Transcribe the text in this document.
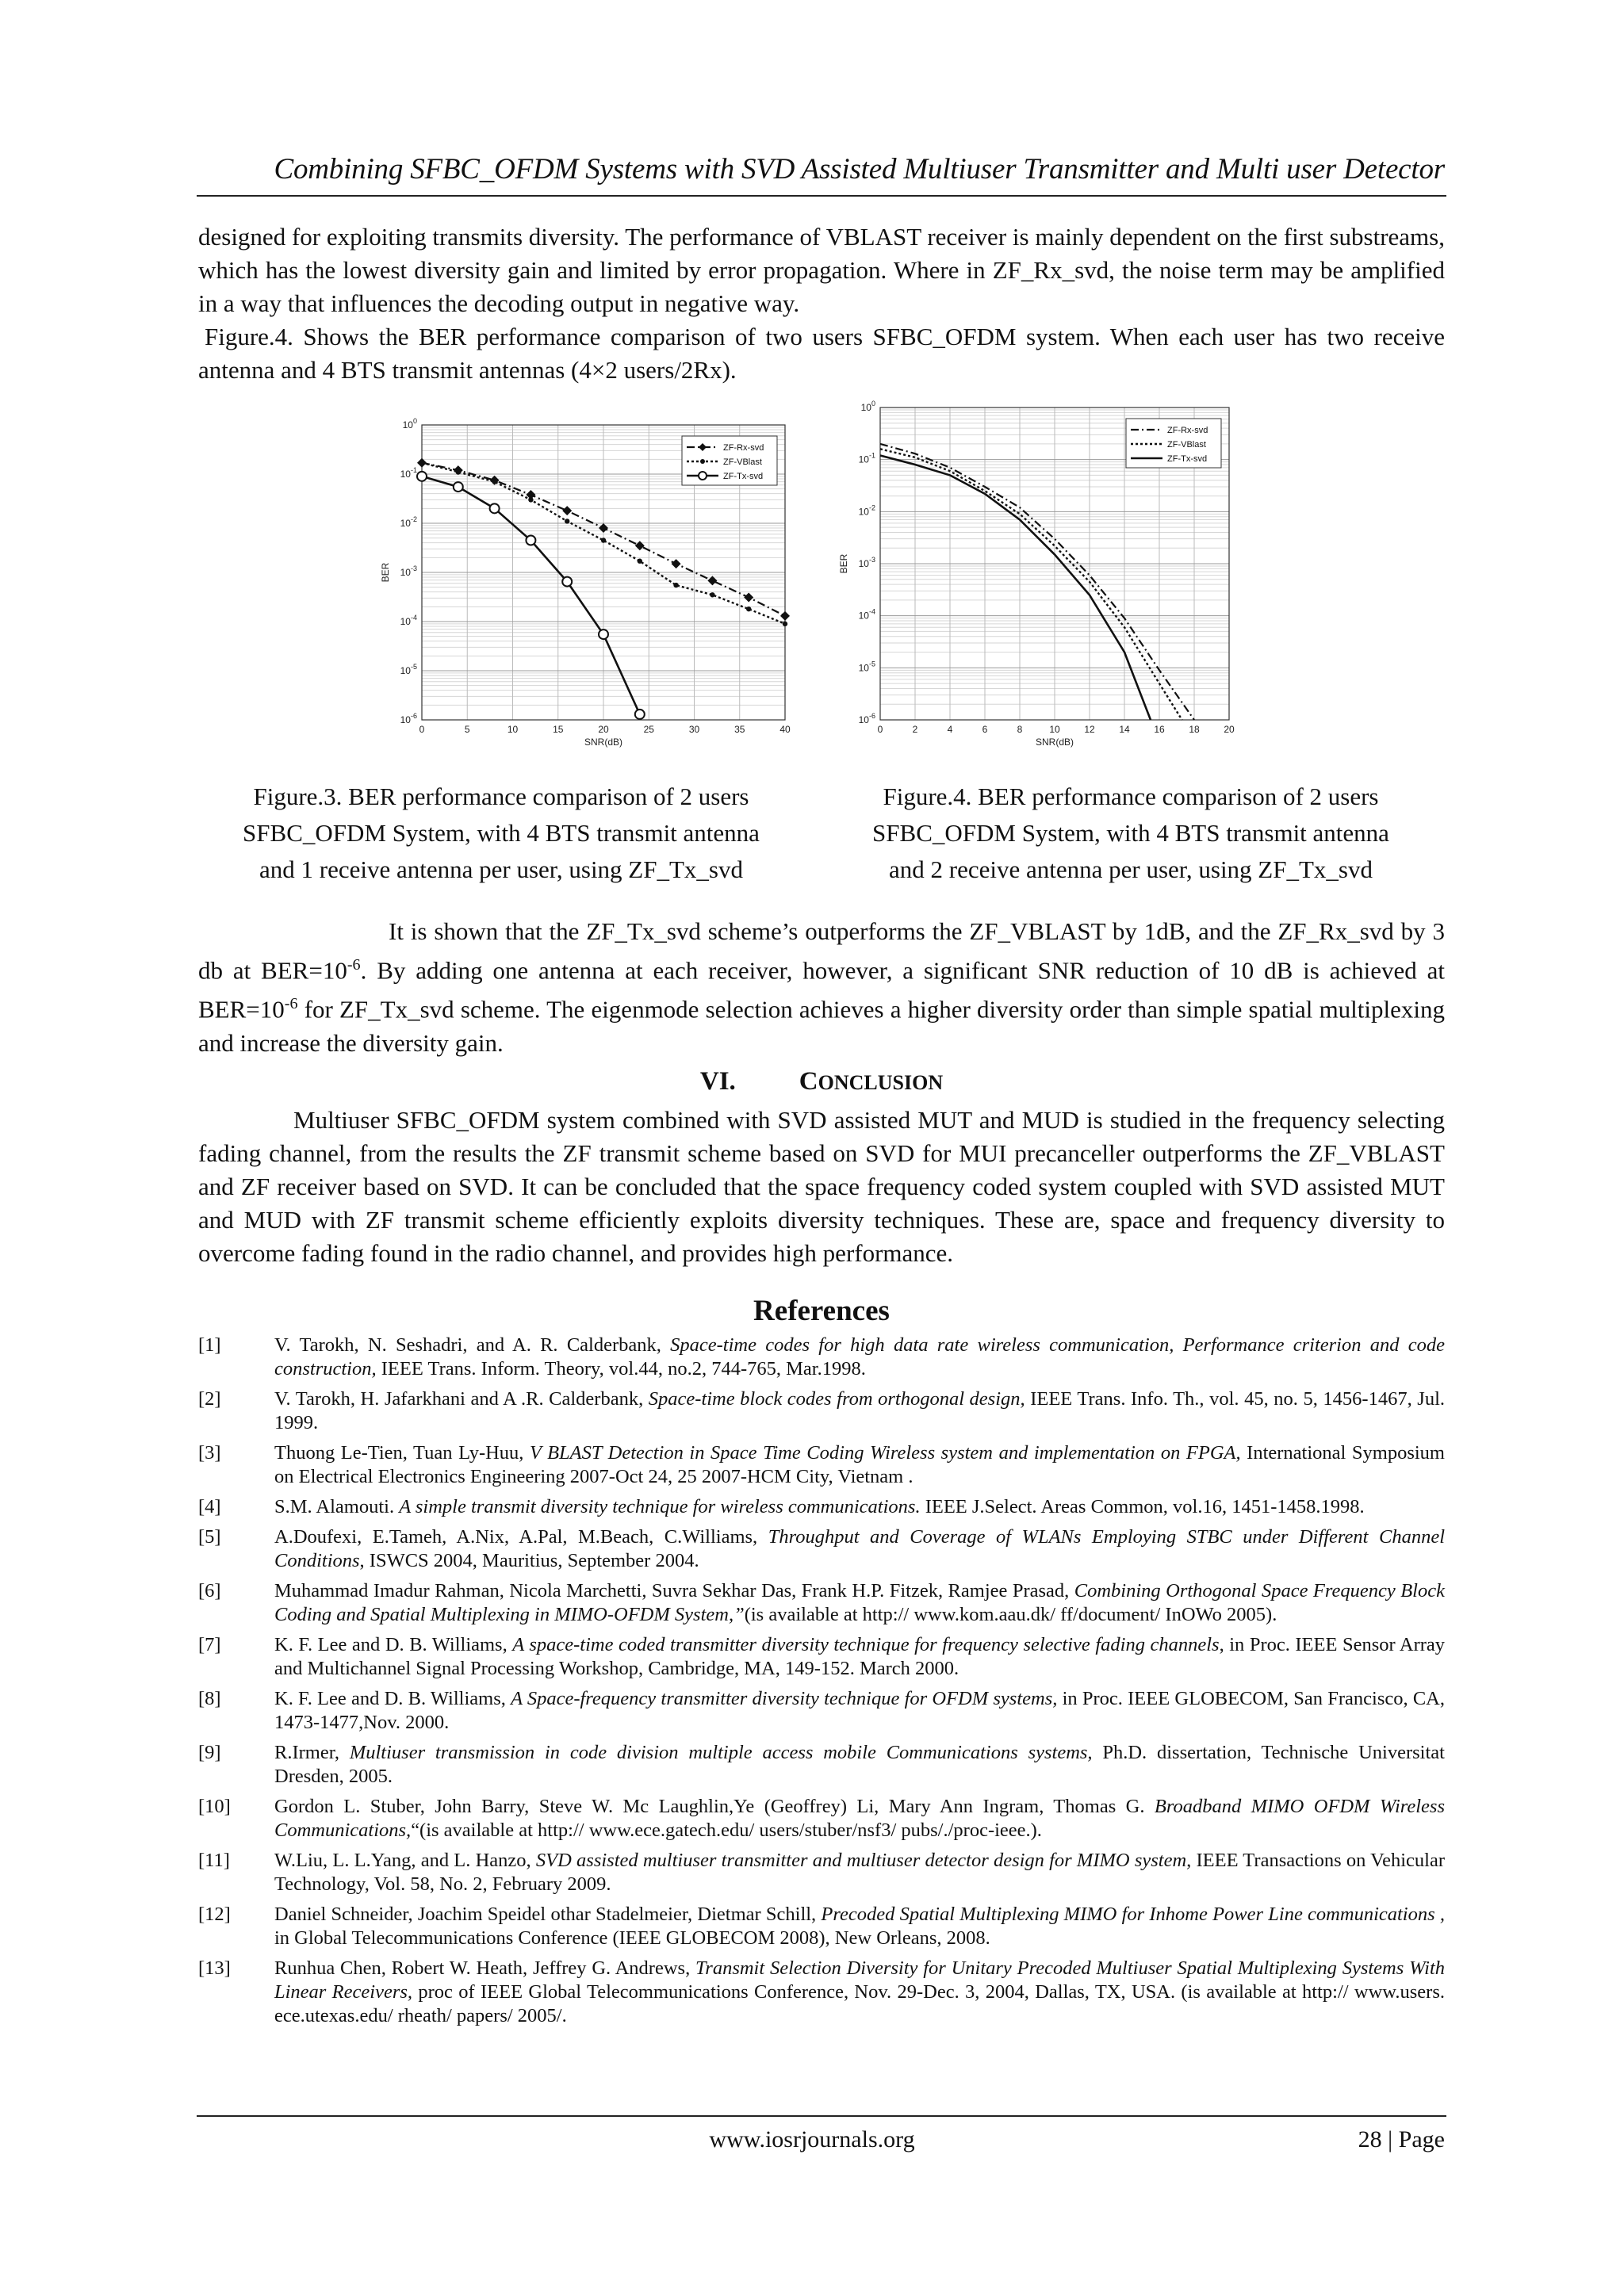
Combining SFBC_OFDM Systems with SVD Assisted Multiuser Transmitter and Multi user Detector

designed for exploiting transmits diversity. The performance of VBLAST receiver is mainly dependent on the first substreams, which has the lowest diversity gain and limited by error propagation. Where in ZF_Rx_svd, the noise term may be amplified in a way that influences the decoding output in negative way.

Figure.4. Shows the BER performance comparison of two users SFBC_OFDM system. When each user has two receive antenna and 4 BTS transmit antennas (4×2 users/2Rx).

0	5	10	15	20	25	30	35	40
$10^0$
$10^{-1}$
$10^{-2}$
$10^{-3}$
$10^{-4}$
$10^{-5}$
$10^{-6}$
SNR(dB)
BER
ZF-Rx-svd
ZF-VBlast
ZF-Tx-svd
0	2	4	6	8	10	12	14	16	18	20
$10^0$
$10^{-1}$
$10^{-2}$
$10^{-3}$
$10^{-4}$
$10^{-5}$
$10^{-6}$
SNR(dB)
BER
ZF-Rx-svd
ZF-VBlast
ZF-Tx-svd

Figure.3. BER performance comparison of 2 users

SFBC_OFDM System, with 4 BTS transmit antenna

and 1 receive antenna per user, using ZF_Tx_svd

Figure.4. BER performance comparison of 2 users

SFBC_OFDM System, with 4 BTS transmit antenna

and 2 receive antenna per user, using ZF_Tx_svd

It is shown that the ZF_Tx_svd scheme’s outperforms the ZF_VBLAST by 1dB, and the ZF_Rx_svd by 3 db at $BER=10^{-6}$. By adding one antenna at each receiver, however, a significant SNR reduction of 10 dB is achieved at $BER=10^{-6}$ for ZF_Tx_svd scheme. The eigenmode selection achieves a higher diversity order than simple spatial multiplexing and increase the diversity gain.

VI. CONCLUSION

Multiuser SFBC_OFDM system combined with SVD assisted MUT and MUD is studied in the frequency selecting fading channel, from the results the ZF transmit scheme based on SVD for MUI precanceller outperforms the ZF_VBLAST and ZF receiver based on SVD. It can be concluded that the space frequency coded system coupled with SVD assisted MUT and MUD with ZF transmit scheme efficiently exploits diversity techniques. These are, space and frequency diversity to overcome fading found in the radio channel, and provides high performance.

References
[1]	V. Tarokh, N. Seshadri, and A. R. Calderbank, Space-time codes for high data rate wireless communication, Performance criterion and code construction, IEEE Trans. Inform. Theory, vol.44, no.2, 744-765, Mar.1998.
[2]	V. Tarokh, H. Jafarkhani and A .R. Calderbank, Space-time block codes from orthogonal design, IEEE Trans. Info. Th., vol. 45, no. 5, 1456-1467, Jul. 1999.
[3]	Thuong Le-Tien, Tuan Ly-Huu, V BLAST Detection in Space Time Coding Wireless system and implementation on FPGA, International Symposium on Electrical Electronics Engineering 2007-Oct 24, 25 2007-HCM City, Vietnam .
[4]	S.M. Alamouti. A simple transmit diversity technique for wireless communications. IEEE J.Select. Areas Common, vol.16, 1451-1458.1998.
[5]	A.Doufexi, E.Tameh, A.Nix, A.Pal, M.Beach, C.Williams, Throughput and Coverage of WLANs Employing STBC under Different Channel Conditions, ISWCS 2004, Mauritius, September 2004.
[6]	Muhammad Imadur Rahman, Nicola Marchetti, Suvra Sekhar Das, Frank H.P. Fitzek, Ramjee Prasad, Combining Orthogonal Space Frequency Block Coding and Spatial Multiplexing in MIMO-OFDM System,”(is available at http:// www.kom.aau.dk/ ff/document/ InOWo 2005).
[7]	K. F. Lee and D. B. Williams, A space-time coded transmitter diversity technique for frequency selective fading channels, in Proc. IEEE Sensor Array and Multichannel Signal Processing Workshop, Cambridge, MA, 149-152. March 2000.
[8]	K. F. Lee and D. B. Williams, A Space-frequency transmitter diversity technique for OFDM systems, in Proc. IEEE GLOBECOM, San Francisco, CA, 1473-1477,Nov. 2000.
[9]	R.Irmer, Multiuser transmission in code division multiple access mobile Communications systems, Ph.D. dissertation, Technische Universitat Dresden, 2005.
[10]	Gordon L. Stuber, John Barry, Steve W. Mc Laughlin,Ye (Geoffrey) Li, Mary Ann Ingram, Thomas G. Broadband MIMO OFDM Wireless Communications,“(is available at http:// www.ece.gatech.edu/ users/stuber/nsf3/ pubs/./proc-ieee.).
[11]	W.Liu, L. L.Yang, and L. Hanzo, SVD assisted multiuser transmitter and multiuser detector design for MIMO system, IEEE Transactions on Vehicular Technology, Vol. 58, No. 2, February 2009.
[12]	Daniel Schneider, Joachim Speidel othar Stadelmeier, Dietmar Schill, Precoded Spatial Multiplexing MIMO for Inhome Power Line communications , in Global Telecommunications Conference (IEEE GLOBECOM 2008), New Orleans, 2008.
[13]	Runhua Chen, Robert W. Heath, Jeffrey G. Andrews, Transmit Selection Diversity for Unitary Precoded Multiuser Spatial Multiplexing Systems With Linear Receivers, proc of IEEE Global Telecommunications Conference, Nov. 29-Dec. 3, 2004, Dallas, TX, USA. (is available at http:// www.users. ece.utexas.edu/ rheath/ papers/ 2005/.
www.iosrjournals.org	28 | Page
